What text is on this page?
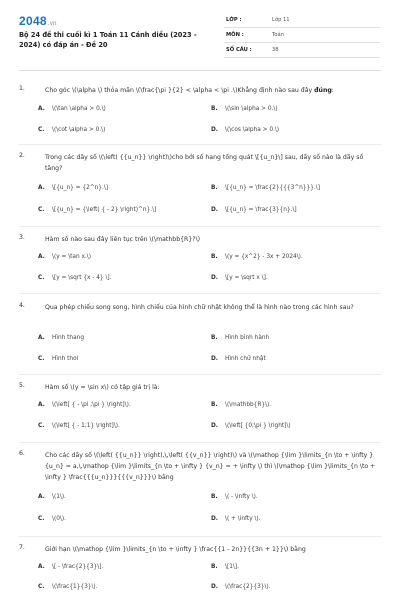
2048.vn
Bộ 24 đề thi cuối kì 1 Toán 11 Cánh diều (2023 - 2024) có đáp án - Đề 20
LỚP :	Lớp 11
MÔN :	Toán
SỐ CÂU :	38
1.	Cho góc \(\alpha \) thỏa mãn \(\frac{\pi }{2} < \alpha < \pi .\)Khẳng định nào sau đây đúng:
A. \(\tan \alpha > 0.\)	B. \(\sin \alpha > 0.\)
C. \(\cot \alpha > 0.\)	D. \(\cos \alpha > 0.\)
2.	Trong các dãy số \(\left( {{u_n}} \right)\)cho bởi số hạng tổng quát \[{u_n}\] sau, dãy số nào là dãy số tăng?
A. \[{u_n} = {2^n}.\]	B. \[{u_n} = \frac{2}{{{3^n}}}.\]
C. \[{u_n} = {\left( { - 2} \right)^n}.\]	D. \[{u_n} = \frac{3}{n}.\]
3.	Hàm số nào sau đây liên tục trên \(\mathbb{R}?\)
A. \(y = \tan x.\)	B. \(y = {x^2} - 3x + 2024\).
C. \[y = \sqrt {x - 4} \].	D. \[y = \sqrt x \].
4.	Qua phép chiếu song song, hình chiếu của hình chữ nhật không thể là hình nào trong các hình sau?
A. Hình thang	B. Hình bình hành
C. Hình thoi	D. Hình chữ nhật
5.	Hàm số \(y = \sin x\) có tập giá trị là:
A. \(\left[ { - \pi ;\pi } \right]\).	B. \(\mathbb{R}\).
C. \(\left[ { - 1;1} \right]\).	D. \(\left[ {0;\pi } \right]\)
6.	Cho các dãy số \(\left( {{u_n}} \right),\,\left( {{v_n}} \right)\) và \(\mathop {\lim }\limits_{n \to + \infty } {u_n} = a,\,\mathop {\lim }\limits_{n \to + \infty } {v_n} = + \infty \) thì \(\mathop {\lim }\limits_{n \to + \infty } \frac{{{u_n}}}{{{v_n}}}\) bằng
A. \(1\).	B. \( - \infty \).
C. \(0\).	D. \( + \infty \).
7.	Giới hạn \(\mathop {\lim }\limits_{n \to + \infty } \frac{{1 - 2n}}{{3n + 1}}\) bằng
A. \[ - \frac{2}{3}\].	B. \[1\].
C. \(\frac{1}{3}\).	D. \(\frac{2}{3}\).
